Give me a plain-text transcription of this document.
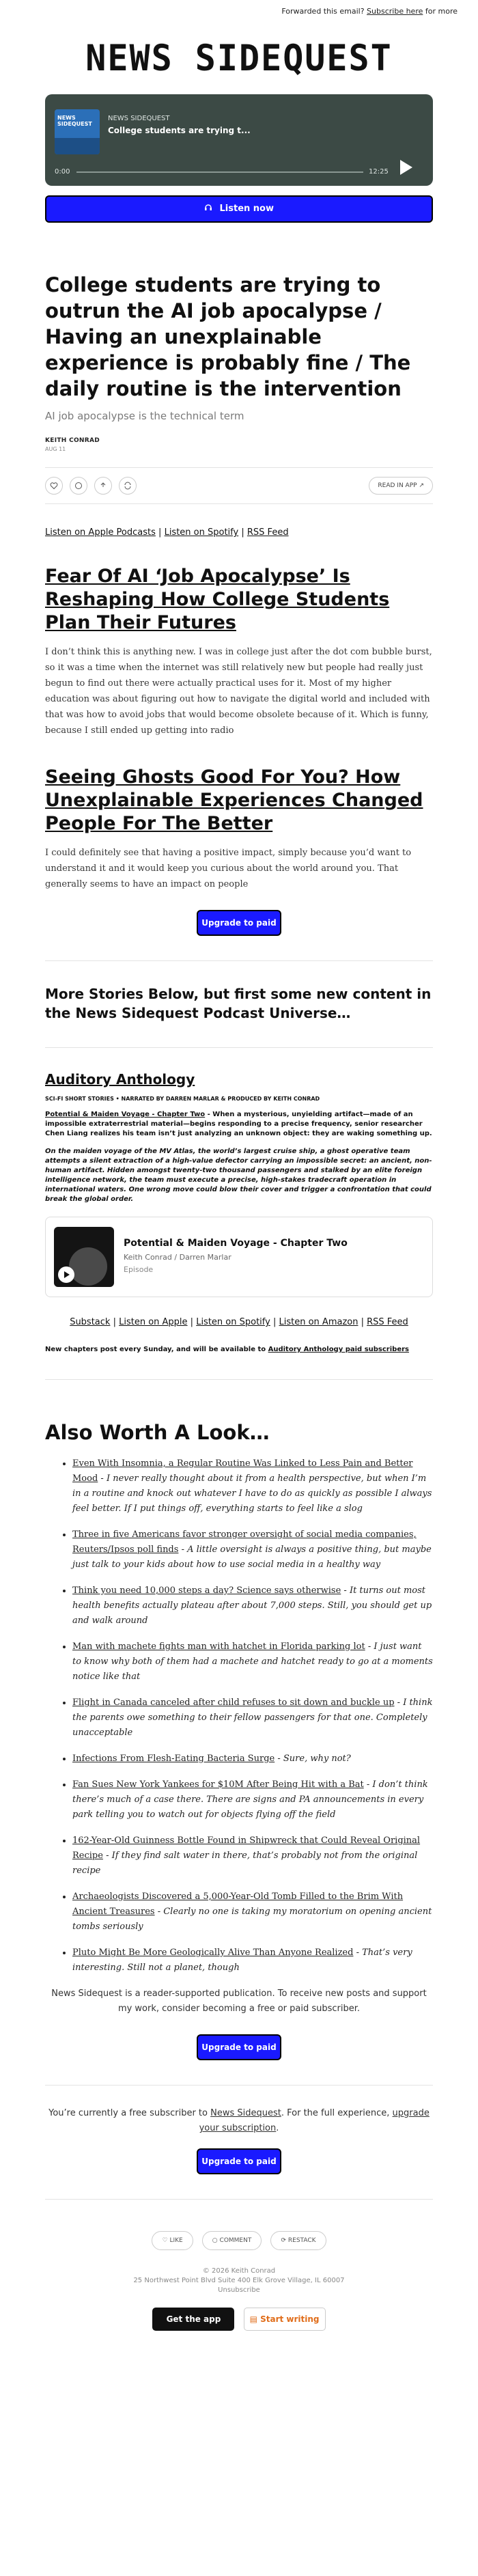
Forwarded this email? Subscribe here for more
NEWS SIDEQUEST
NEWS SIDEQUEST
NEWS SIDEQUEST
College students are trying t...
0:00	12:25
Listen now
College students are trying to outrun the AI job apocalypse / Having an unexplainable experience is probably fine / The daily routine is the intervention
AI job apocalypse is the technical term
KEITH CONRAD
AUG 11
READ IN APP ↗
Listen on Apple Podcasts | Listen on Spotify | RSS Feed
Fear Of AI ‘Job Apocalypse’ Is Reshaping How College Students Plan Their Futures

I don’t think this is anything new. I was in college just after the dot com bubble burst, so it was a time when the internet was still relatively new but people had really just begun to find out there were actually practical uses for it. Most of my higher education was about figuring out how to navigate the digital world and included with that was how to avoid jobs that would become obsolete because of it. Which is funny, because I still ended up getting into radio

Seeing Ghosts Good For You? How Unexplainable Experiences Changed People For The Better

I could definitely see that having a positive impact, simply because you’d want to understand it and it would keep you curious about the world around you. That generally seems to have an impact on people

Upgrade to paid
More Stories Below, but first some new content in the News Sidequest Podcast Universe…
Auditory Anthology
SCI-FI SHORT STORIES • NARRATED BY DARREN MARLAR & PRODUCED BY KEITH CONRAD

Potential & Maiden Voyage - Chapter Two - When a mysterious, unyielding artifact—made of an impossible extraterrestrial material—begins responding to a precise frequency, senior researcher Chen Liang realizes his team isn’t just analyzing an unknown object: they are waking something up.

On the maiden voyage of the MV Atlas, the world’s largest cruise ship, a ghost operative team attempts a silent extraction of a high-value defector carrying an impossible secret: an ancient, non-human artifact. Hidden amongst twenty-two thousand passengers and stalked by an elite foreign intelligence network, the team must execute a precise, high-stakes tradecraft operation in international waters. One wrong move could blow their cover and trigger a confrontation that could break the global order.

Potential & Maiden Voyage - Chapter Two
Keith Conrad / Darren Marlar
Episode
Substack | Listen on Apple | Listen on Spotify | Listen on Amazon | RSS Feed

New chapters post every Sunday, and will be available to Auditory Anthology paid subscribers

Also Worth A Look…
• Even With Insomnia, a Regular Routine Was Linked to Less Pain and Better Mood - I never really thought about it from a health perspective, but when I’m in a routine and knock out whatever I have to do as quickly as possible I always feel better. If I put things off, everything starts to feel like a slog
• Three in five Americans favor stronger oversight of social media companies, Reuters/Ipsos poll finds - A little oversight is always a positive thing, but maybe just talk to your kids about how to use social media in a healthy way
• Think you need 10,000 steps a day? Science says otherwise - It turns out most health benefits actually plateau after about 7,000 steps. Still, you should get up and walk around
• Man with machete fights man with hatchet in Florida parking lot - I just want to know why both of them had a machete and hatchet ready to go at a moments notice like that
• Flight in Canada canceled after child refuses to sit down and buckle up - I think the parents owe something to their fellow passengers for that one. Completely unacceptable
• Infections From Flesh-Eating Bacteria Surge - Sure, why not?
• Fan Sues New York Yankees for $10M After Being Hit with a Bat - I don’t think there’s much of a case there. There are signs and PA announcements in every park telling you to watch out for objects flying off the field
• 162-Year-Old Guinness Bottle Found in Shipwreck that Could Reveal Original Recipe - If they find salt water in there, that’s probably not from the original recipe
• Archaeologists Discovered a 5,000-Year-Old Tomb Filled to the Brim With Ancient Treasures - Clearly no one is taking my moratorium on opening ancient tombs seriously
• Pluto Might Be More Geologically Alive Than Anyone Realized - That’s very interesting. Still not a planet, though

News Sidequest is a reader-supported publication. To receive new posts and support my work, consider becoming a free or paid subscriber.

Upgrade to paid

You’re currently a free subscriber to News Sidequest. For the full experience, upgrade your subscription.

Upgrade to paid
♡ LIKE	○ COMMENT	⟳ RESTACK
© 2026 Keith Conrad
25 Northwest Point Blvd Suite 400 Elk Grove Village, IL 60007
Unsubscribe
Get the app	▤ Start writing
